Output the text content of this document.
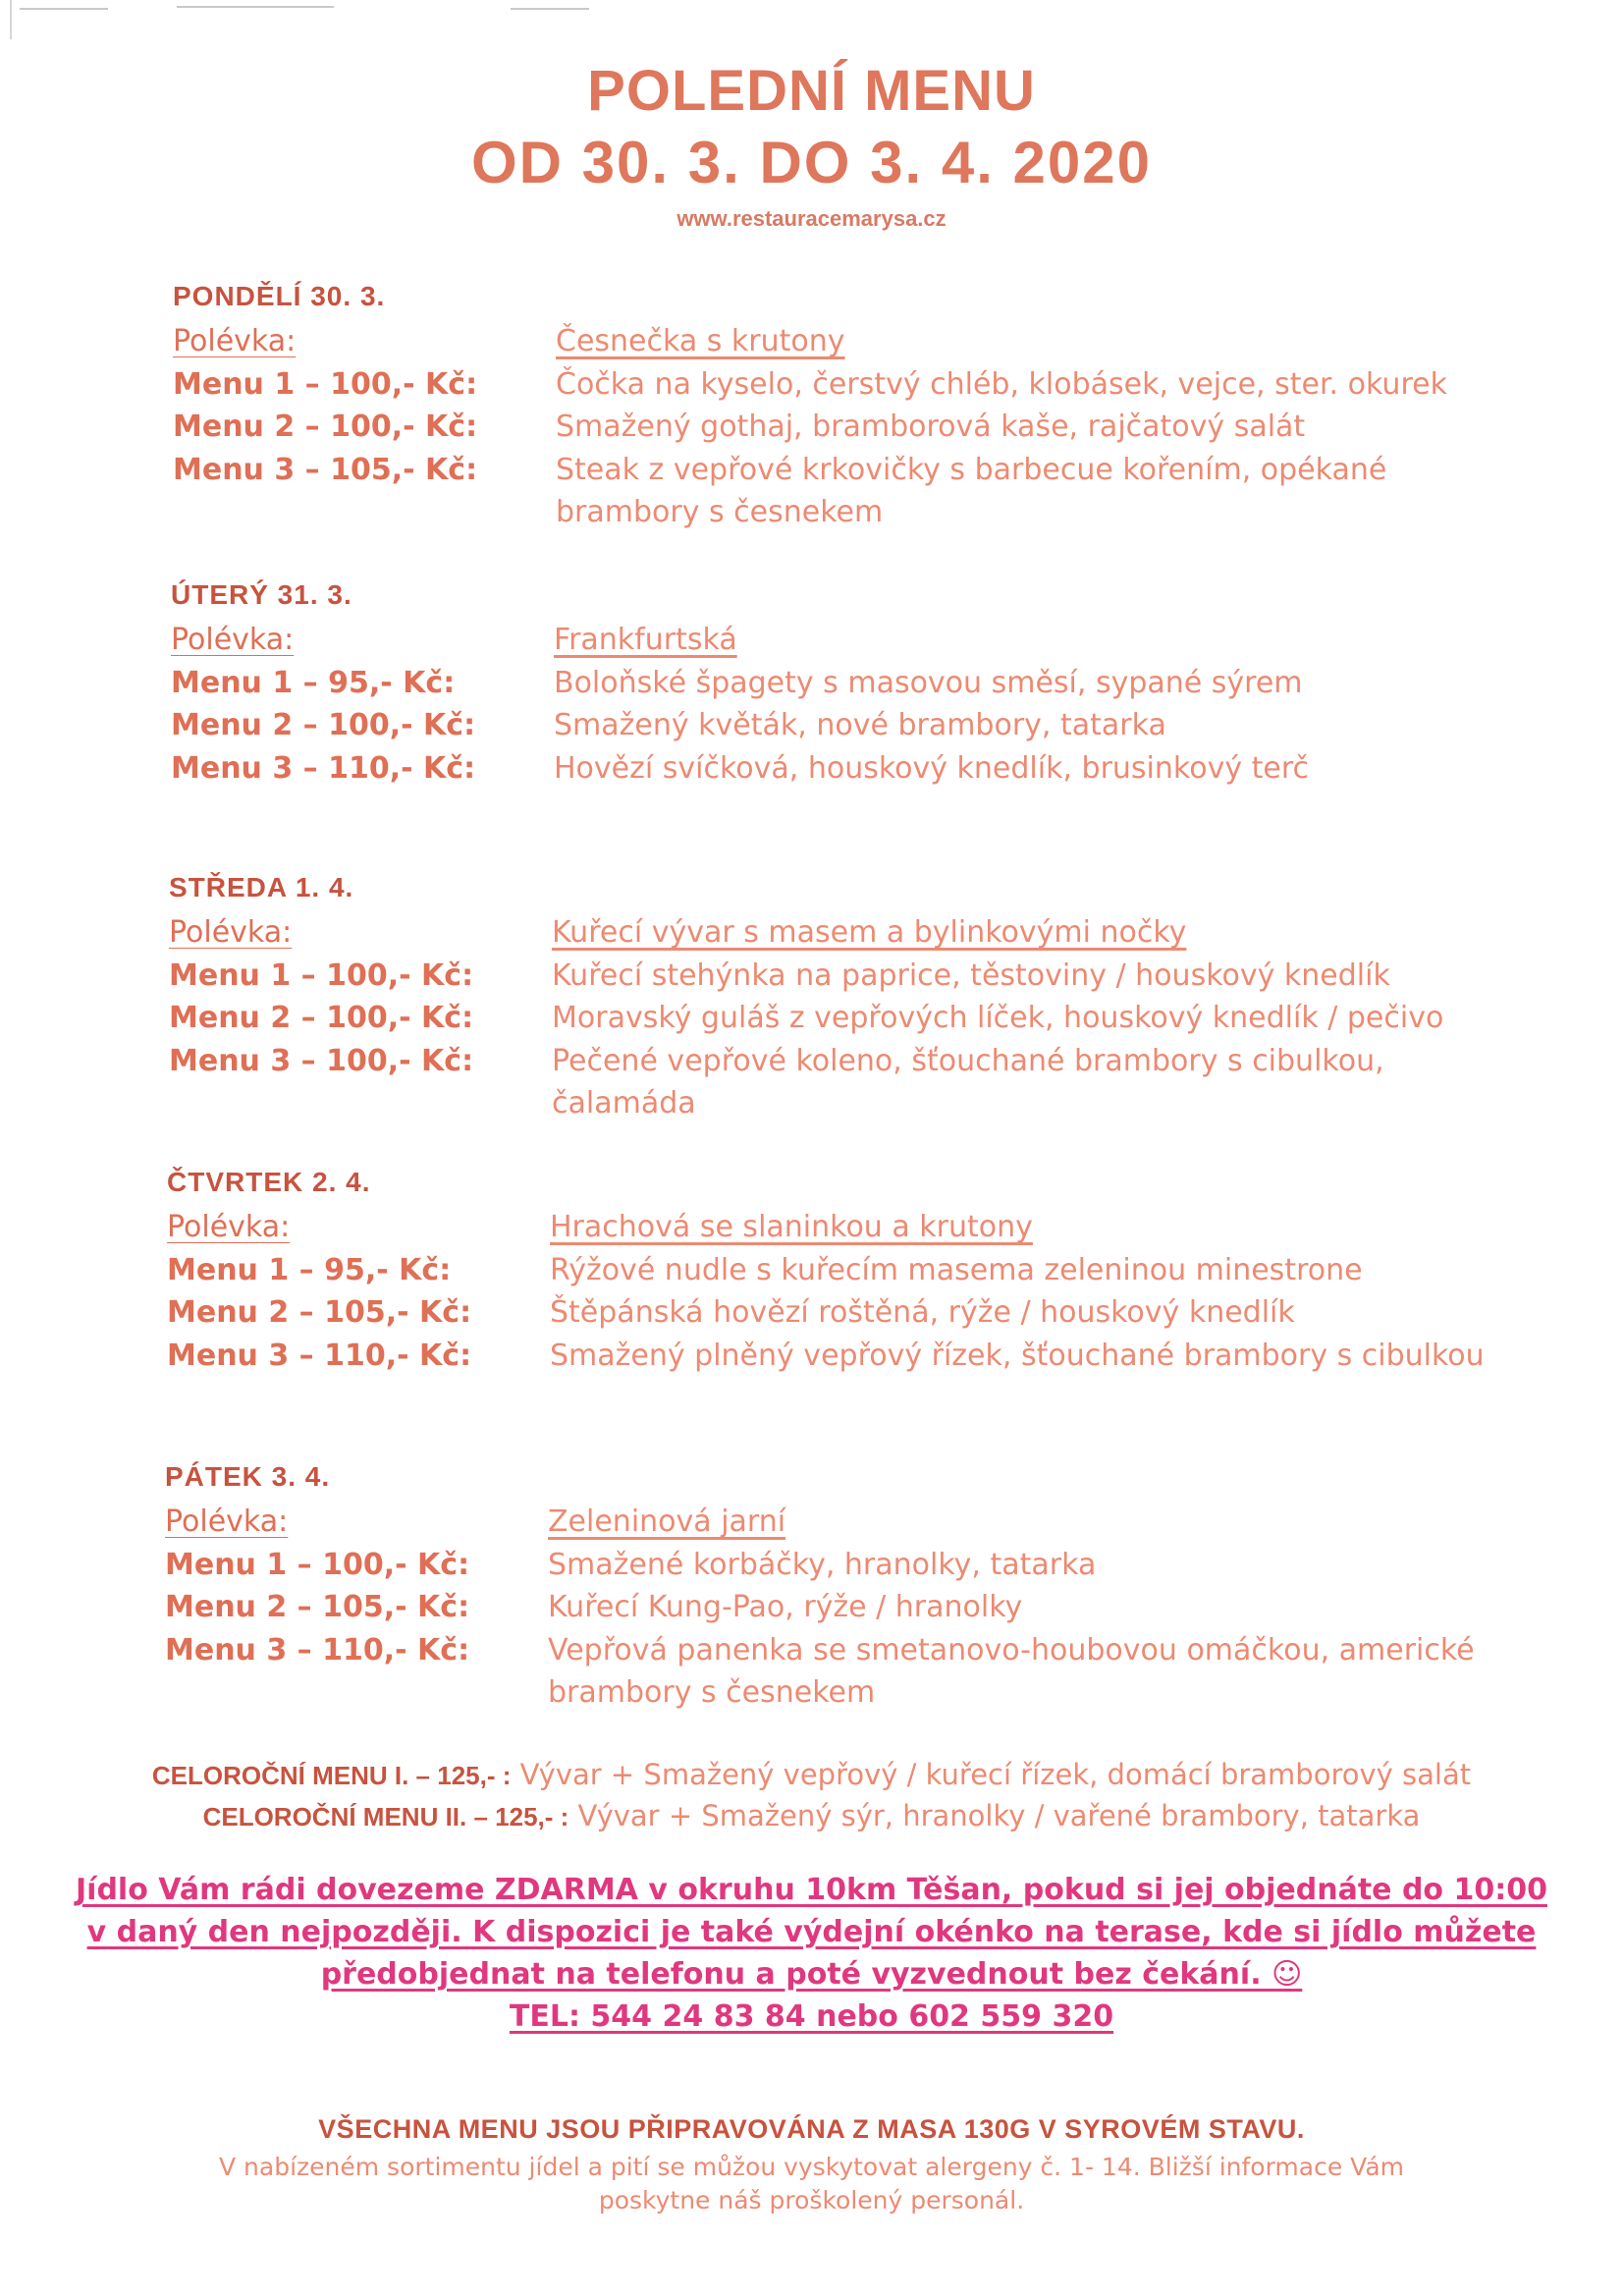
POLEDNÍ MENU
OD 30. 3. DO 3. 4. 2020
www.restauracemarysa.cz
PONDĚLÍ 30. 3.
Polévka:	Česnečka s krutony
Menu 1 – 100,- Kč:	Čočka na kyselo, čerstvý chléb, klobásek, vejce, ster. okurek
Menu 2 – 100,- Kč:	Smažený gothaj, bramborová kaše, rajčatový salát
Menu 3 – 105,- Kč:	Steak z vepřové krkovičky s barbecue kořením, opékané brambory s česnekem
ÚTERÝ 31. 3.
Polévka:	Frankfurtská
Menu 1 – 95,- Kč:	Boloňské špagety s masovou směsí, sypané sýrem
Menu 2 – 100,- Kč:	Smažený květák, nové brambory, tatarka
Menu 3 – 110,- Kč:	Hovězí svíčková, houskový knedlík, brusinkový terč
STŘEDA 1. 4.
Polévka:	Kuřecí vývar s masem a bylinkovými nočky
Menu 1 – 100,- Kč:	Kuřecí stehýnka na paprice, těstoviny / houskový knedlík
Menu 2 – 100,- Kč:	Moravský guláš z vepřových líček, houskový knedlík / pečivo
Menu 3 – 100,- Kč:	Pečené vepřové koleno, šťouchané brambory s cibulkou, čalamáda
ČTVRTEK 2. 4.
Polévka:	Hrachová se slaninkou a krutony
Menu 1 – 95,- Kč:	Rýžové nudle s kuřecím masema zeleninou minestrone
Menu 2 – 105,- Kč:	Štěpánská hovězí roštěná, rýže / houskový knedlík
Menu 3 – 110,- Kč:	Smažený plněný vepřový řízek, šťouchané brambory s cibulkou
PÁTEK 3. 4.
Polévka:	Zeleninová jarní
Menu 1 – 100,- Kč:	Smažené korbáčky, hranolky, tatarka
Menu 2 – 105,- Kč:	Kuřecí Kung-Pao, rýže / hranolky
Menu 3 – 110,- Kč:	Vepřová panenka se smetanovo-houbovou omáčkou, americké brambory s česnekem
CELOROČNÍ MENU I. – 125,- : Vývar + Smažený vepřový / kuřecí řízek, domácí bramborový salát
CELOROČNÍ MENU II. – 125,- : Vývar + Smažený sýr, hranolky / vařené brambory, tatarka
Jídlo Vám rádi dovezeme ZDARMA v okruhu 10km Těšan, pokud si jej objednáte do 10:00
v daný den nejpozději. K dispozici je také výdejní okénko na terase, kde si jídlo můžete
předobjednat na telefonu a poté vyzvednout bez čekání. ☺
TEL: 544 24 83 84 nebo 602 559 320
VŠECHNA MENU JSOU PŘIPRAVOVÁNA Z MASA 130G V SYROVÉM STAVU.
V nabízeném sortimentu jídel a pití se můžou vyskytovat alergeny č. 1- 14. Bližší informace Vám
poskytne náš proškolený personál.
